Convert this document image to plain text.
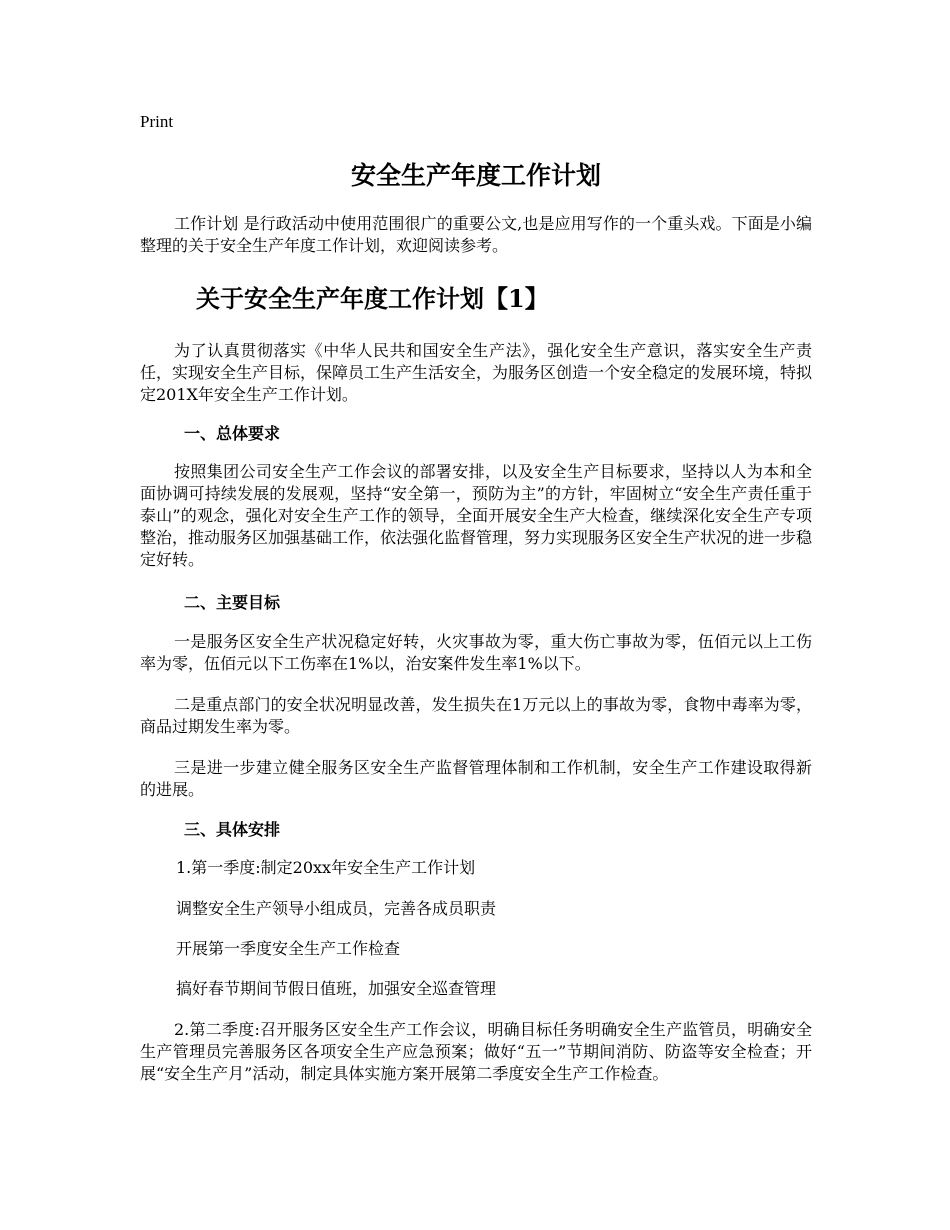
Print
安全生产年度工作计划

工作计划 是行政活动中使用范围很广的重要公文,也是应用写作的一个重头戏。下面是小编整理的关于安全生产年度工作计划，欢迎阅读参考。

关于安全生产年度工作计划【1】

为了认真贯彻落实《中华人民共和国安全生产法》，强化安全生产意识，落实安全生产责任，实现安全生产目标，保障员工生产生活安全，为服务区创造一个安全稳定的发展环境，特拟定201X年安全生产工作计划。

一、总体要求

按照集团公司安全生产工作会议的部署安排，以及安全生产目标要求，坚持以人为本和全面协调可持续发展的发展观，坚持“安全第一，预防为主”的方针，牢固树立“安全生产责任重于泰山”的观念，强化对安全生产工作的领导，全面开展安全生产大检查，继续深化安全生产专项整治，推动服务区加强基础工作，依法强化监督管理，努力实现服务区安全生产状况的进一步稳定好转。

二、主要目标

一是服务区安全生产状况稳定好转，火灾事故为零，重大伤亡事故为零，伍佰元以上工伤率为零，伍佰元以下工伤率在1%以，治安案件发生率1%以下。

二是重点部门的安全状况明显改善，发生损失在1万元以上的事故为零，食物中毒率为零，商品过期发生率为零。

三是进一步建立健全服务区安全生产监督管理体制和工作机制，安全生产工作建设取得新的进展。

三、具体安排

1.第一季度:制定20xx年安全生产工作计划

调整安全生产领导小组成员，完善各成员职责

开展第一季度安全生产工作检查

搞好春节期间节假日值班，加强安全巡查管理

2.第二季度:召开服务区安全生产工作会议，明确目标任务明确安全生产监管员，明确安全生产管理员完善服务区各项安全生产应急预案；做好“五一”节期间消防、防盗等安全检查；开展“安全生产月”活动，制定具体实施方案开展第二季度安全生产工作检查。
